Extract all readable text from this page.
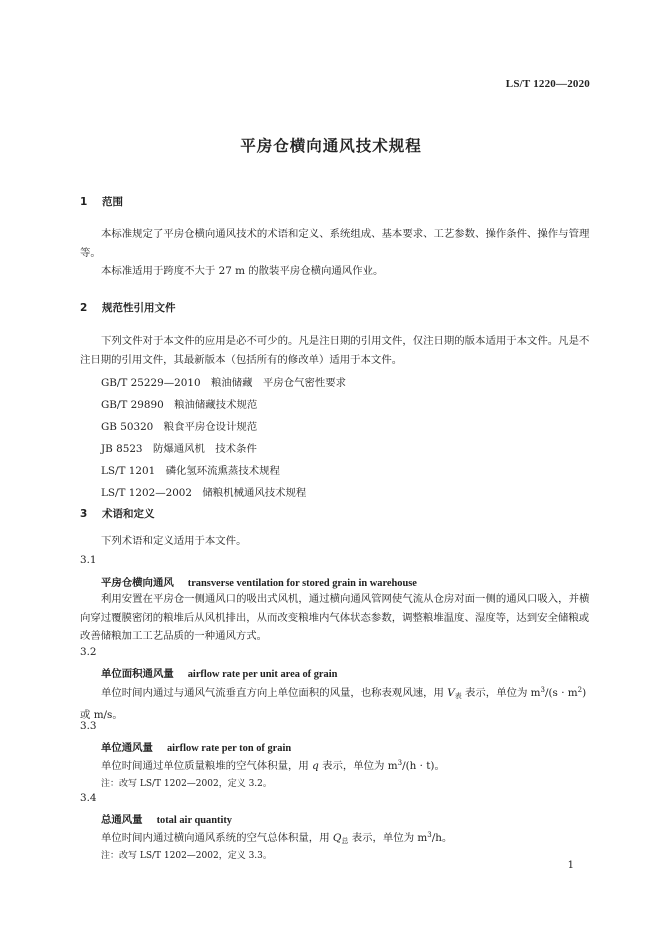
LS/T 1220—2020
平房仓横向通风技术规程
1 范围
本标准规定了平房仓横向通风技术的术语和定义、系统组成、基本要求、工艺参数、操作条件、操作与管理等。
本标准适用于跨度不大于 27 m 的散装平房仓横向通风作业。
2 规范性引用文件
下列文件对于本文件的应用是必不可少的。凡是注日期的引用文件，仅注日期的版本适用于本文件。凡是不注日期的引用文件，其最新版本（包括所有的修改单）适用于本文件。
GB/T 25229—2010　粮油储藏　平房仓气密性要求
GB/T 29890　粮油储藏技术规范
GB 50320　粮食平房仓设计规范
JB 8523　防爆通风机　技术条件
LS/T 1201　磷化氢环流熏蒸技术规程
LS/T 1202—2002　储粮机械通风技术规程
3 术语和定义
下列术语和定义适用于本文件。
3.1
平房仓横向通风 transverse ventilation for stored grain in warehouse
利用安置在平房仓一侧通风口的吸出式风机，通过横向通风管网使气流从仓房对面一侧的通风口吸入，并横向穿过覆膜密闭的粮堆后从风机排出，从而改变粮堆内气体状态参数，调整粮堆温度、湿度等，达到安全储粮或改善储粮加工工艺品质的一种通风方式。
3.2
单位面积通风量 airflow rate per unit area of grain
单位时间内通过与通风气流垂直方向上单位面积的风量，也称表观风速，用 $V_表$ 表示，单位为 $m^3/(s \cdot m^2)$或 m/s。
3.3
单位通风量 airflow rate per ton of grain
单位时间通过单位质量粮堆的空气体积量，用 q 表示，单位为 $m^3/(h \cdot t)$。
注：改写 LS/T 1202—2002，定义 3.2。
3.4
总通风量 total air quantity
单位时间内通过横向通风系统的空气总体积量，用 $Q_总$ 表示，单位为 $m^3/h$。
注：改写 LS/T 1202—2002，定义 3.3。
1
